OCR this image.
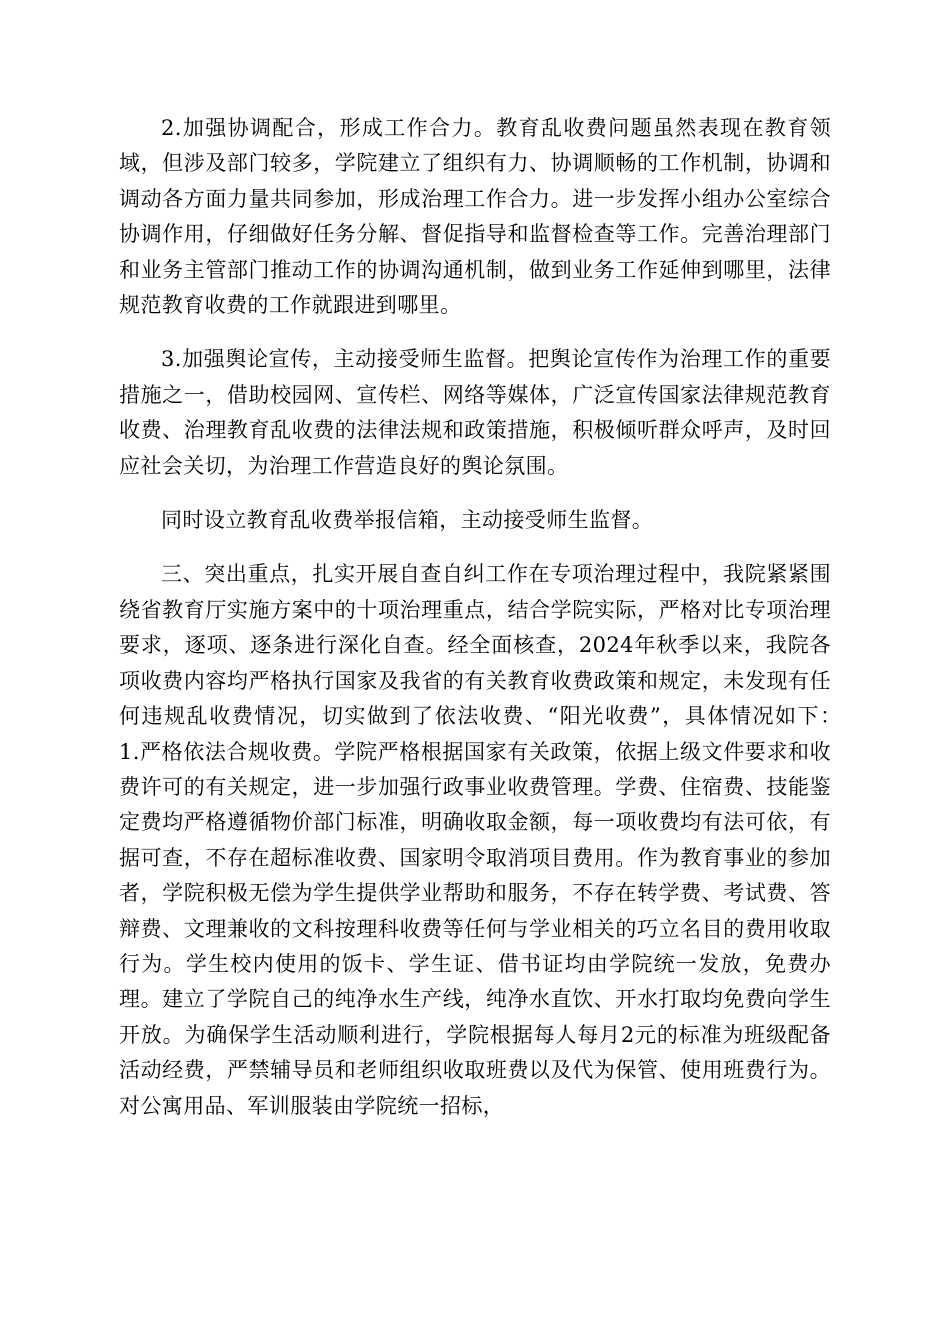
2.加强协调配合，形成工作合力。教育乱收费问题虽然表现在教育领域，但涉及部门较多，学院建立了组织有力、协调顺畅的工作机制，协调和调动各方面力量共同参加，形成治理工作合力。进一步发挥小组办公室综合协调作用，仔细做好任务分解、督促指导和监督检查等工作。完善治理部门和业务主管部门推动工作的协调沟通机制，做到业务工作延伸到哪里，法律规范教育收费的工作就跟进到哪里。

3.加强舆论宣传，主动接受师生监督。把舆论宣传作为治理工作的重要措施之一，借助校园网、宣传栏、网络等媒体，广泛宣传国家法律规范教育收费、治理教育乱收费的法律法规和政策措施，积极倾听群众呼声，及时回应社会关切，为治理工作营造良好的舆论氛围。

同时设立教育乱收费举报信箱，主动接受师生监督。

三、突出重点，扎实开展自查自纠工作在专项治理过程中，我院紧紧围绕省教育厅实施方案中的十项治理重点，结合学院实际，严格对比专项治理要求，逐项、逐条进行深化自查。经全面核查，2024年秋季以来，我院各项收费内容均严格执行国家及我省的有关教育收费政策和规定，未发现有任何违规乱收费情况，切实做到了依法收费、“阳光收费”，具体情况如下：　　1.严格依法合规收费。学院严格根据国家有关政策，依据上级文件要求和收费许可的有关规定，进一步加强行政事业收费管理。学费、住宿费、技能鉴定费均严格遵循物价部门标准，明确收取金额，每一项收费均有法可依，有据可查，不存在超标准收费、国家明令取消项目费用。作为教育事业的参加者，学院积极无偿为学生提供学业帮助和服务，不存在转学费、考试费、答辩费、文理兼收的文科按理科收费等任何与学业相关的巧立名目的费用收取行为。学生校内使用的饭卡、学生证、借书证均由学院统一发放，免费办理。建立了学院自己的纯净水生产线，纯净水直饮、开水打取均免费向学生开放。为确保学生活动顺利进行，学院根据每人每月2元的标准为班级配备活动经费，严禁辅导员和老师组织收取班费以及代为保管、使用班费行为。对公寓用品、军训服装由学院统一招标，
